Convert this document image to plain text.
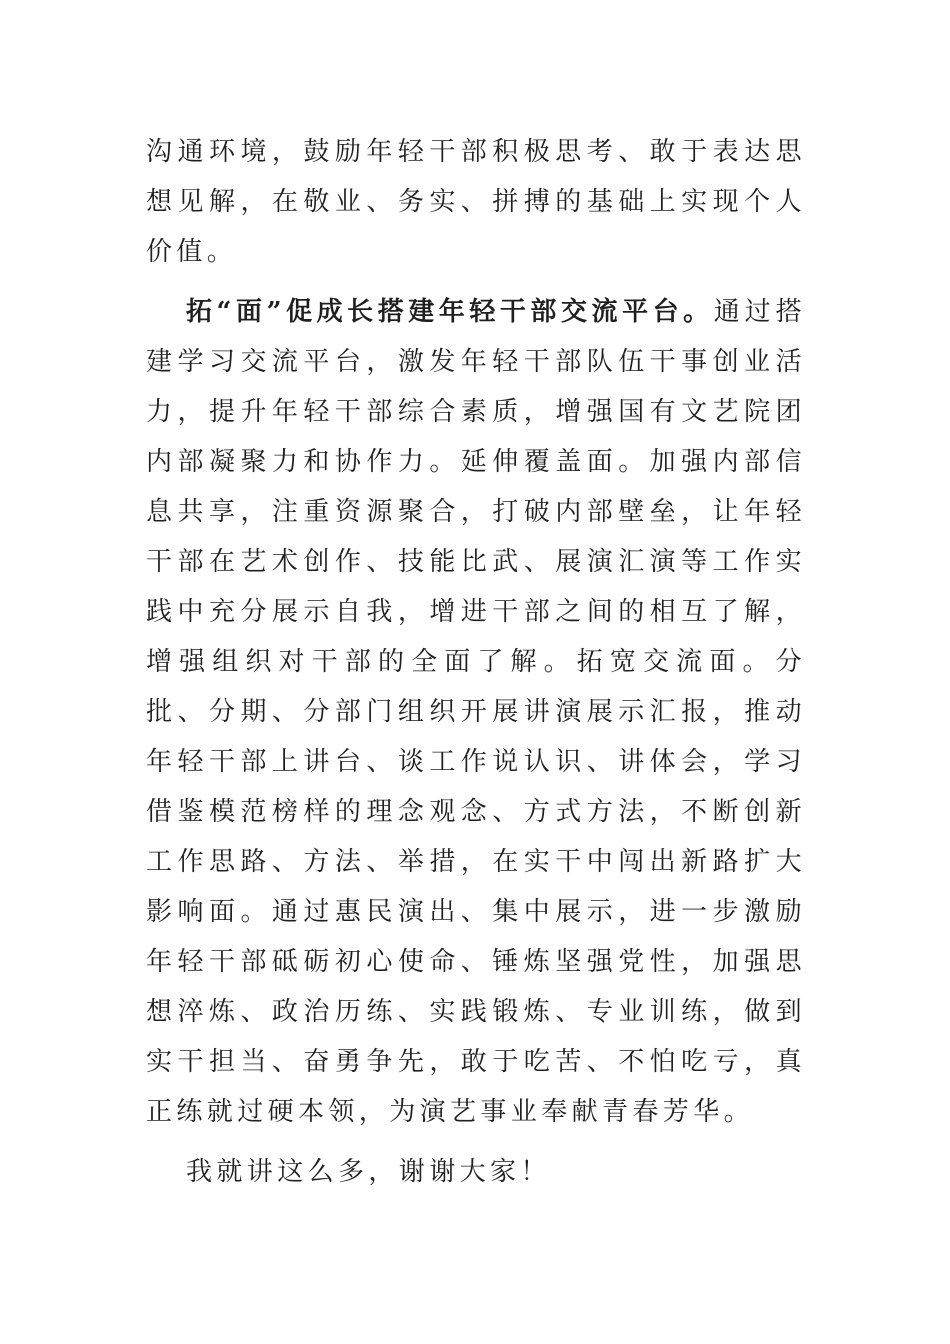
沟通环境，鼓励年轻干部积极思考、敢于表达思想见解，在敬业、务实、拼搏的基础上实现个人价值。

拓“面”促成长搭建年轻干部交流平台。通过搭建学习交流平台，激发年轻干部队伍干事创业活力，提升年轻干部综合素质，增强国有文艺院团内部凝聚力和协作力。延伸覆盖面。加强内部信息共享，注重资源聚合，打破内部壁垒，让年轻干部在艺术创作、技能比武、展演汇演等工作实践中充分展示自我，增进干部之间的相互了解，增强组织对干部的全面了解。拓宽交流面。分批、分期、分部门组织开展讲演展示汇报，推动年轻干部上讲台、谈工作说认识、讲体会，学习借鉴模范榜样的理念观念、方式方法，不断创新工作思路、方法、举措，在实干中闯出新路扩大影响面。通过惠民演出、集中展示，进一步激励年轻干部砥砺初心使命、锤炼坚强党性，加强思想淬炼、政治历练、实践锻炼、专业训练，做到实干担当、奋勇争先，敢于吃苦、不怕吃亏，真正练就过硬本领，为演艺事业奉献青春芳华。

我就讲这么多，谢谢大家！
